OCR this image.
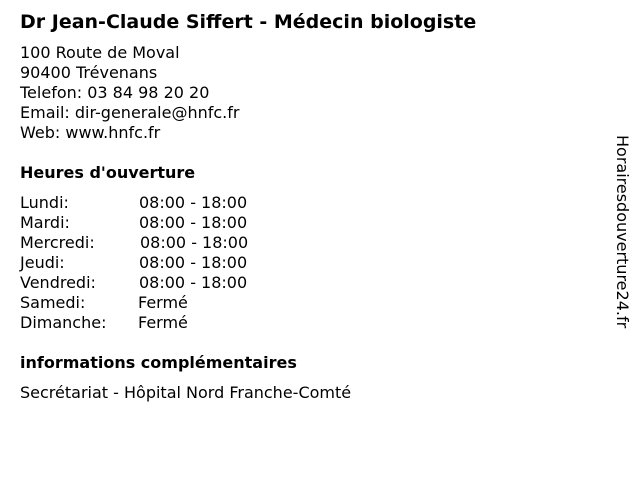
Dr Jean-Claude Siffert - Médecin biologiste
100 Route de Moval
90400 Trévenans
Telefon: 03 84 98 20 20
Email: dir-generale@hnfc.fr
Web: www.hnfc.fr
Heures d'ouverture
Lundi:	08:00 - 18:00
Mardi:	08:00 - 18:00
Mercredi:	08:00 - 18:00
Jeudi:	08:00 - 18:00
Vendredi:	08:00 - 18:00
Samedi:	Fermé
Dimanche: Fermé
informations complémentaires
Secrétariat - Hôpital Nord Franche-Comté
Horairesdouverture24.fr
